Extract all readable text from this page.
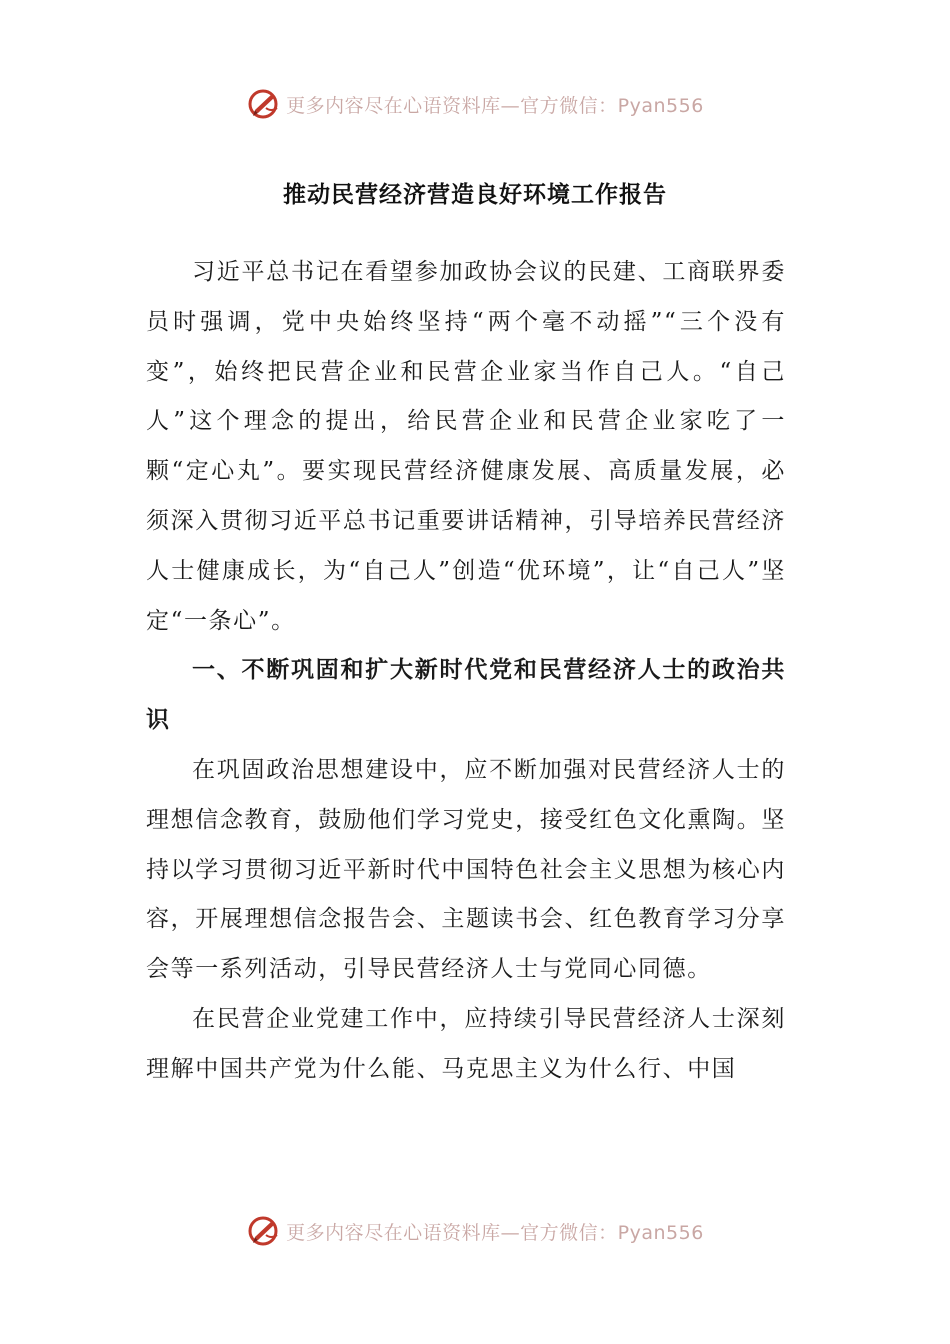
更多内容尽在心语资料库—官方微信：Pyan556
推动民营经济营造良好环境工作报告

习近平总书记在看望参加政协会议的民建、工商联界委员时强调，党中央始终坚持“两个毫不动摇”“三个没有变”，始终把民营企业和民营企业家当作自己人。“自己人”这个理念的提出，给民营企业和民营企业家吃了一颗“定心丸”。要实现民营经济健康发展、高质量发展，必须深入贯彻习近平总书记重要讲话精神，引导培养民营经济人士健康成长，为“自己人”创造“优环境”，让“自己人”坚定“一条心”。

一、不断巩固和扩大新时代党和民营经济人士的政治共识

在巩固政治思想建设中，应不断加强对民营经济人士的理想信念教育，鼓励他们学习党史，接受红色文化熏陶。坚持以学习贯彻习近平新时代中国特色社会主义思想为核心内容，开展理想信念报告会、主题读书会、红色教育学习分享会等一系列活动，引导民营经济人士与党同心同德。

在民营企业党建工作中，应持续引导民营经济人士深刻理解中国共产党为什么能、马克思主义为什么行、中国

更多内容尽在心语资料库—官方微信：Pyan556
